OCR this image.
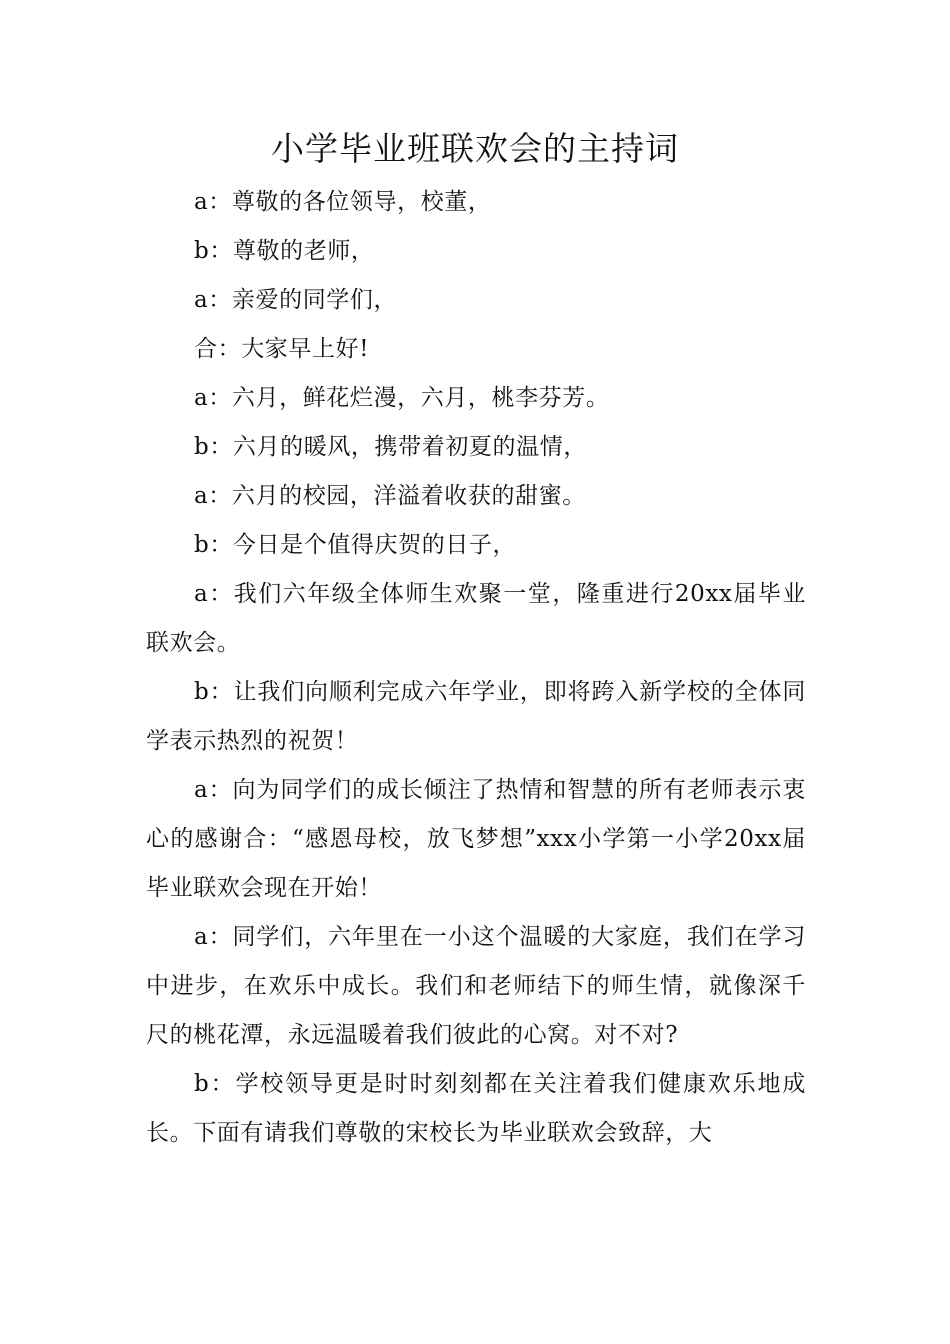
小学毕业班联欢会的主持词

a：尊敬的各位领导，校董，

b：尊敬的老师，

a：亲爱的同学们，

合：大家早上好!

a：六月，鲜花烂漫，六月，桃李芬芳。

b：六月的暖风，携带着初夏的温情，

a：六月的校园，洋溢着收获的甜蜜。

b：今日是个值得庆贺的日子，

a：我们六年级全体师生欢聚一堂，隆重进行20xx届毕业联欢会。

b：让我们向顺利完成六年学业，即将跨入新学校的全体同学表示热烈的祝贺！

a：向为同学们的成长倾注了热情和智慧的所有老师表示衷心的感谢合：“感恩母校，放飞梦想”xxx小学第一小学20xx届毕业联欢会现在开始！

a：同学们，六年里在一小这个温暖的大家庭，我们在学习中进步，在欢乐中成长。我们和老师结下的师生情，就像深千尺的桃花潭，永远温暖着我们彼此的心窝。对不对?

b：学校领导更是时时刻刻都在关注着我们健康欢乐地成长。下面有请我们尊敬的宋校长为毕业联欢会致辞，大
